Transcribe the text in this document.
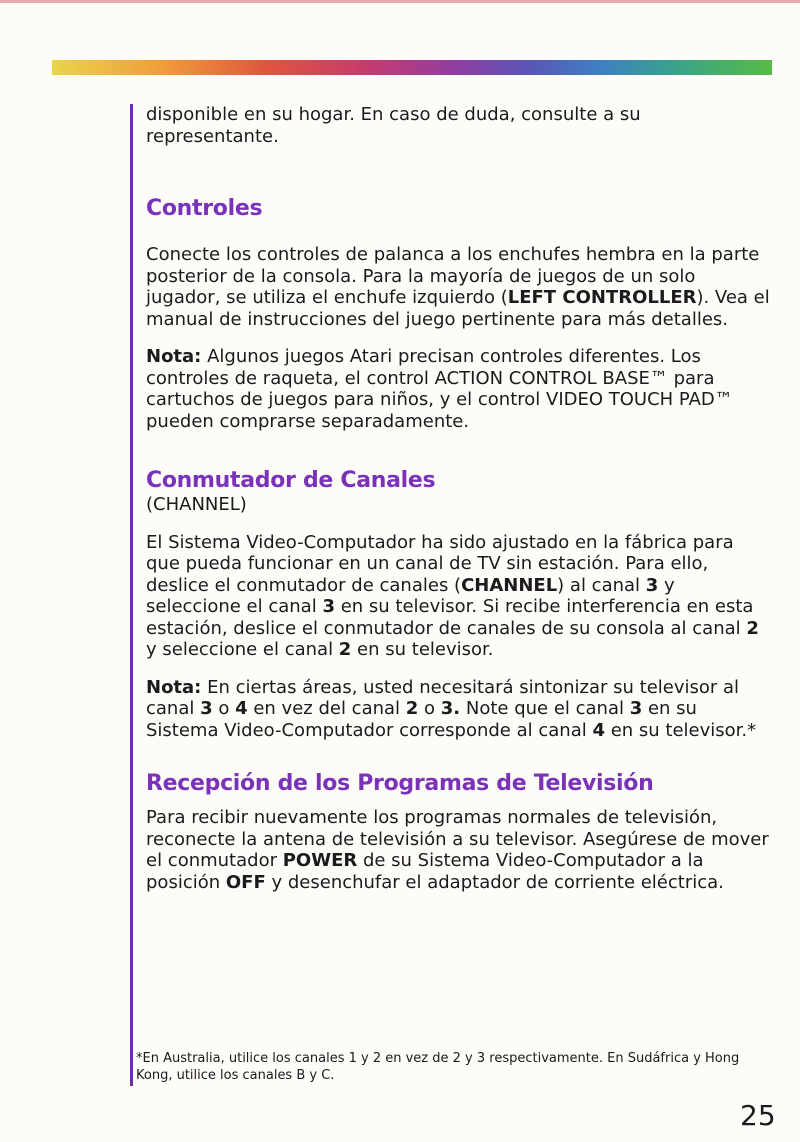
disponible en su hogar. En caso de duda, consulte a su representante.

Controles

Conecte los controles de palanca a los enchufes hembra en la parte posterior de la consola. Para la mayoría de juegos de un solo jugador, se utiliza el enchufe izquierdo (LEFT CONTROLLER). Vea el manual de instrucciones del juego pertinente para más detalles.

Nota: Algunos juegos Atari precisan controles diferentes. Los controles de raqueta, el control ACTION CONTROL BASE™ para cartuchos de juegos para niños, y el control VIDEO TOUCH PAD™ pueden comprarse separadamente.

Conmutador de Canales

(CHANNEL)

El Sistema Video-Computador ha sido ajustado en la fábrica para que pueda funcionar en un canal de TV sin estación. Para ello, deslice el conmutador de canales (CHANNEL) al canal 3 y seleccione el canal 3 en su televisor. Si recibe interferencia en esta estación, deslice el conmutador de canales de su consola al canal 2 y seleccione el canal 2 en su televisor.

Nota: En ciertas áreas, usted necesitará sintonizar su televisor al canal 3 o 4 en vez del canal 2 o 3. Note que el canal 3 en su Sistema Video-Computador corresponde al canal 4 en su televisor.*

Recepción de los Programas de Televisión

Para recibir nuevamente los programas normales de televisión, reconecte la antena de televisión a su televisor. Asegúrese de mover el conmutador POWER de su Sistema Video-Computador a la posición OFF y desenchufar el adaptador de corriente eléctrica.

*En Australia, utilice los canales 1 y 2 en vez de 2 y 3 respectivamente. En Sudáfrica y Hong Kong, utilice los canales B y C.
25
